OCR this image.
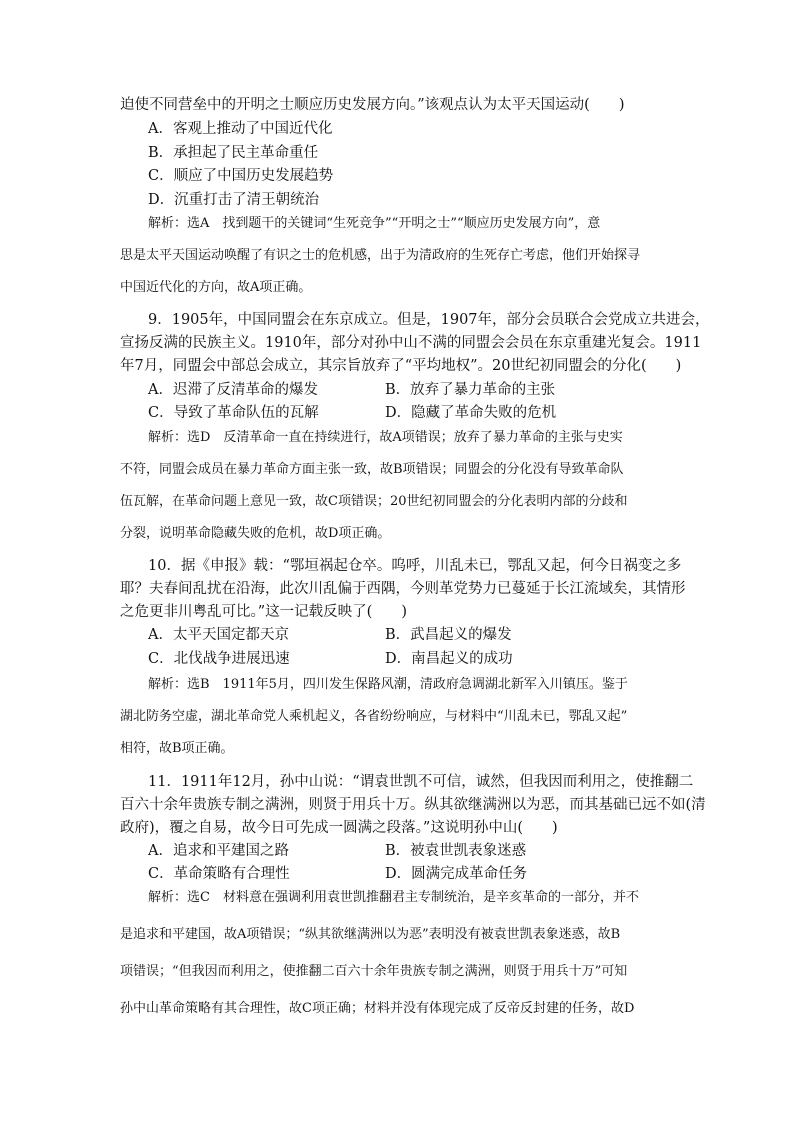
迫使不同营垒中的开明之士顺应历史发展方向。”该观点认为太平天国运动(　　)
A．客观上推动了中国近代化
B．承担起了民主革命重任
C．顺应了中国历史发展趋势
D．沉重打击了清王朝统治
解析：选A　找到题干的关键词“生死竞争”“开明之士”“顺应历史发展方向”，意
思是太平天国运动唤醒了有识之士的危机感，出于为清政府的生死存亡考虑，他们开始探寻
中国近代化的方向，故A项正确。
9．1905年，中国同盟会在东京成立。但是，1907年，部分会员联合会党成立共进会，
宣扬反满的民族主义。1910年，部分对孙中山不满的同盟会会员在东京重建光复会。1911
年7月，同盟会中部总会成立，其宗旨放弃了“平均地权”。20世纪初同盟会的分化(　　)
A．迟滞了反清革命的爆发	B．放弃了暴力革命的主张
C．导致了革命队伍的瓦解	D．隐藏了革命失败的危机
解析：选D　反清革命一直在持续进行，故A项错误；放弃了暴力革命的主张与史实
不符，同盟会成员在暴力革命方面主张一致，故B项错误；同盟会的分化没有导致革命队
伍瓦解，在革命问题上意见一致，故C项错误；20世纪初同盟会的分化表明内部的分歧和
分裂，说明革命隐藏失败的危机，故D项正确。
10．据《申报》载：“鄂垣祸起仓卒。呜呼，川乱未已，鄂乱又起，何今日祸变之多
耶？夫春间乱扰在沿海，此次川乱偏于西隅，今则革党势力已蔓延于长江流域矣，其情形
之危更非川粤乱可比。”这一记载反映了(　　)
A．太平天国定都天京	B．武昌起义的爆发
C．北伐战争进展迅速	D．南昌起义的成功
解析：选B　1911年5月，四川发生保路风潮，清政府急调湖北新军入川镇压。鉴于
湖北防务空虚，湖北革命党人乘机起义，各省纷纷响应，与材料中“川乱未已，鄂乱又起”
相符，故B项正确。
11．1911年12月，孙中山说：“谓袁世凯不可信，诚然，但我因而利用之，使推翻二
百六十余年贵族专制之满洲，则贤于用兵十万。纵其欲继满洲以为恶，而其基础已远不如(清
政府)，覆之自易，故今日可先成一圆满之段落。”这说明孙中山(　　)
A．追求和平建国之路	B．被袁世凯表象迷惑
C．革命策略有合理性	D．圆满完成革命任务
解析：选C　材料意在强调利用袁世凯推翻君主专制统治，是辛亥革命的一部分，并不
是追求和平建国，故A项错误；“纵其欲继满洲以为恶”表明没有被袁世凯表象迷惑，故B
项错误；“但我因而利用之，使推翻二百六十余年贵族专制之满洲，则贤于用兵十万”可知
孙中山革命策略有其合理性，故C项正确；材料并没有体现完成了反帝反封建的任务，故D
